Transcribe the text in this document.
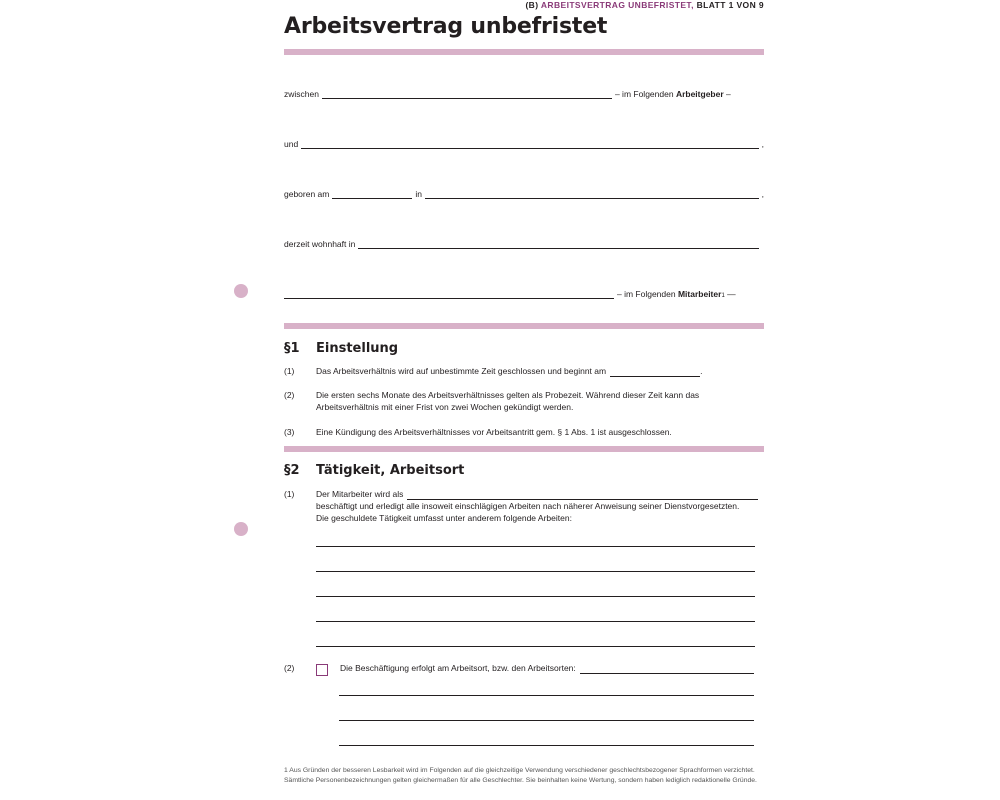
(B) ARBEITSVERTRAG UNBEFRISTET, BLATT 1 VON 9
Arbeitsvertrag unbefristet
zwischen	– im Folgenden
Arbeitgeber
–
und	,
geboren am	in	,
derzeit wohnhaft in
– im Folgenden
Mitarbeiter$_1$
—
§1 Einstellung
(1)	Das Arbeitsverhältnis wird auf unbestimmte Zeit geschlossen und beginnt am	.
(2)	Die ersten sechs Monate des Arbeitsverhältnisses gelten als Probezeit. Während dieser Zeit kann das Arbeitsverhältnis mit einer Frist von zwei Wochen gekündigt werden.
(3)	Eine Kündigung des Arbeitsverhältnisses vor Arbeitsantritt gem. § 1 Abs. 1 ist ausgeschlossen.
§2 Tätigkeit, Arbeitsort
(1)	Der Mitarbeiter wird als
beschäftigt und erledigt alle insoweit einschlägigen Arbeiten nach näherer Anweisung seiner Dienstvorgesetzten. Die geschuldete Tätigkeit umfasst unter anderem folgende Arbeiten:
(2)	Die Beschäftigung erfolgt am Arbeitsort, bzw. den Arbeitsorten:
1 Aus Gründen der besseren Lesbarkeit wird im Folgenden auf die gleichzeitige Verwendung verschiedener geschlechtsbezogener Sprachformen verzichtet. Sämtliche Personenbezeichnungen gelten gleichermaßen für alle Geschlechter. Sie beinhalten keine Wertung, sondern haben lediglich redaktionelle Gründe.
